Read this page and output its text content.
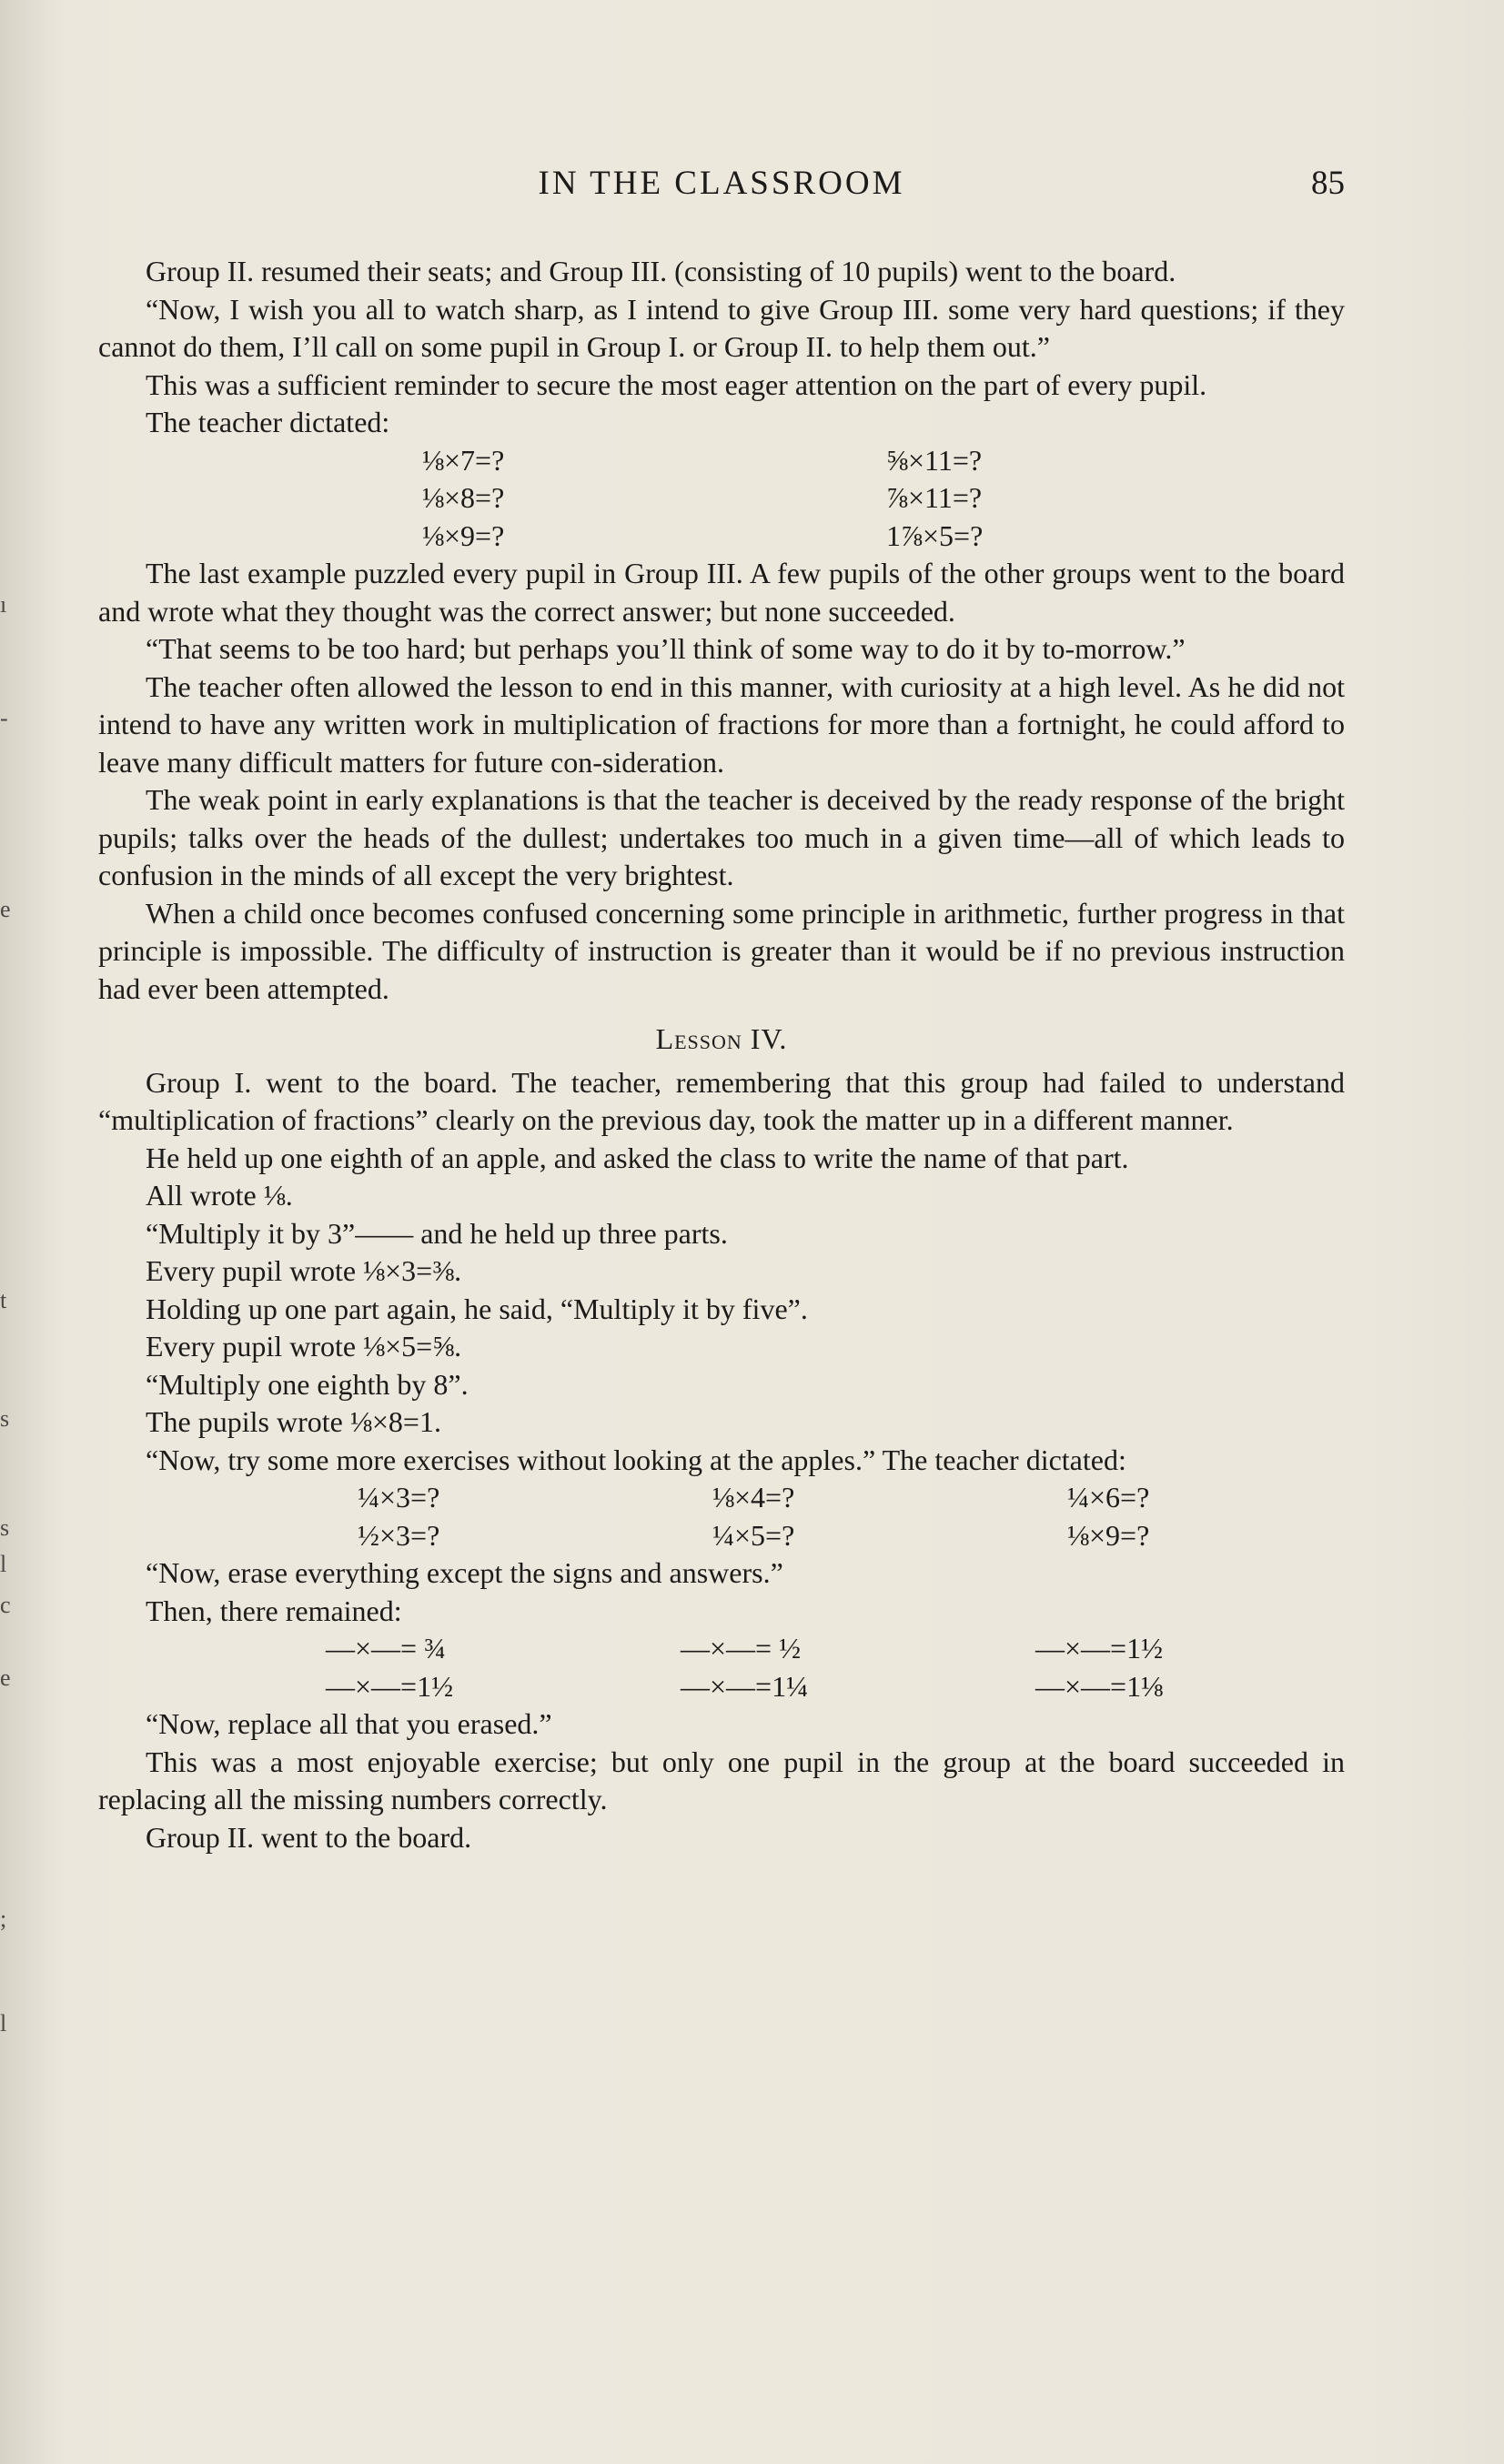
ı
-
e
t
s
s
l
c
e
;
l
IN THE CLASSROOM	85

Group II. resumed their seats; and Group III. (consisting of 10 pupils) went to the board.

“Now, I wish you all to watch sharp, as I intend to give Group III. some very hard questions; if they cannot do them, I’ll call on some pupil in Group I. or Group II. to help them out.”

This was a sufficient reminder to secure the most eager attention on the part of every pupil.

The teacher dictated:

⅛×7=?	⅝×11=?
⅛×8=?	⅞×11=?
⅛×9=?	1⅞×5=?

The last example puzzled every pupil in Group III. A few pupils of the other groups went to the board and wrote what they thought was the correct answer; but none succeeded.

“That seems to be too hard; but perhaps you’ll think of some way to do it by to-morrow.”

The teacher often allowed the lesson to end in this manner, with curiosity at a high level. As he did not intend to have any written work in multiplication of fractions for more than a fortnight, he could afford to leave many difficult matters for future con-sideration.

The weak point in early explanations is that the teacher is deceived by the ready response of the bright pupils; talks over the heads of the dullest; undertakes too much in a given time—all of which leads to confusion in the minds of all except the very brightest.

When a child once becomes confused concerning some principle in arithmetic, further progress in that principle is impossible. The difficulty of instruction is greater than it would be if no previous instruction had ever been attempted.

Lesson IV.

Group I. went to the board. The teacher, remembering that this group had failed to understand “multiplication of fractions” clearly on the previous day, took the matter up in a different manner.

He held up one eighth of an apple, and asked the class to write the name of that part.

All wrote ⅛.

“Multiply it by 3”—— and he held up three parts.

Every pupil wrote ⅛×3=⅜.

Holding up one part again, he said, “Multiply it by five”.

Every pupil wrote ⅛×5=⅝.

“Multiply one eighth by 8”.

The pupils wrote ⅛×8=1.

“Now, try some more exercises without looking at the apples.” The teacher dictated:

¼×3=?	⅛×4=?	¼×6=?
½×3=?	¼×5=?	⅛×9=?

“Now, erase everything except the signs and answers.”

Then, there remained:

—×—= ¾	—×—= ½	—×—=1½
—×—=1½	—×—=1¼	—×—=1⅛

“Now, replace all that you erased.”

This was a most enjoyable exercise; but only one pupil in the group at the board succeeded in replacing all the missing numbers correctly.

Group II. went to the board.
